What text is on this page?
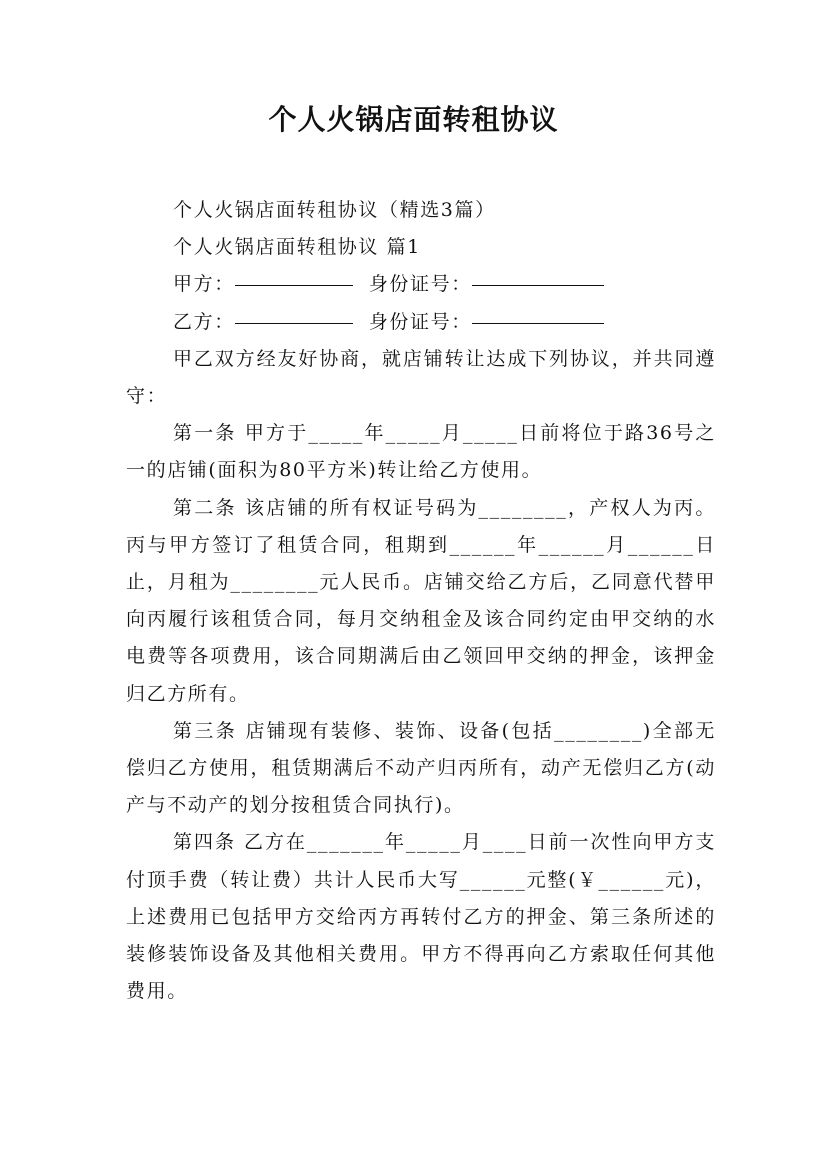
个人火锅店面转租协议
个人火锅店面转租协议（精选3篇）
个人火锅店面转租协议 篇1
甲方：	身份证号：
乙方：	身份证号：

甲乙双方经友好协商，就店铺转让达成下列协议，并共同遵守：

第一条 甲方于_____年_____月_____日前将位于路36号之一的店铺(面积为80平方米)转让给乙方使用。

第二条 该店铺的所有权证号码为________，产权人为丙。丙与甲方签订了租赁合同，租期到______年______月______日止，月租为________元人民币。店铺交给乙方后，乙同意代替甲向丙履行该租赁合同，每月交纳租金及该合同约定由甲交纳的水电费等各项费用，该合同期满后由乙领回甲交纳的押金，该押金归乙方所有。

第三条 店铺现有装修、装饰、设备(包括________)全部无偿归乙方使用，租赁期满后不动产归丙所有，动产无偿归乙方(动产与不动产的划分按租赁合同执行)。

第四条 乙方在_______年_____月____日前一次性向甲方支付顶手费（转让费）共计人民币大写______元整(￥______元)，上述费用已包括甲方交给丙方再转付乙方的押金、第三条所述的装修装饰设备及其他相关费用。甲方不得再向乙方索取任何其他费用。
